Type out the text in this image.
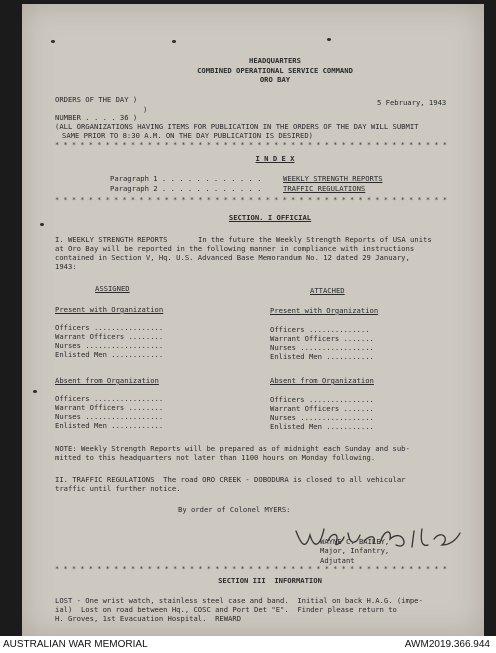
HEADQUARTERS
COMBINED OPERATIONAL SERVICE COMMAND
ORO BAY
ORDERS OF THE DAY )	5 February, 1943
)
NUMBER . . . . 36 )
(ALL ORGANIZATIONS HAVING ITEMS FOR PUBLICATION IN THE ORDERS OF THE DAY WILL SUBMIT
SAME PRIOR TO 8:30 A.M. ON THE DAY PUBLICATION IS DESIRED)
* * * * * * * * * * * * * * * * * * * * * * * * * * * * * * * * * * * * * * * * * * * * * * *
I N D E X
Paragraph 1 . . . . . . . . . . . .	WEEKLY STRENGTH REPORTS
Paragraph 2 . . . . . . . . . . . .	TRAFFIC REGULATIONS
* * * * * * * * * * * * * * * * * * * * * * * * * * * * * * * * * * * * * * * * * * * * * * *
SECTION. I OFFICIAL
I. WEEKLY STRENGTH REPORTS	In the future the Weekly Strength Reports of USA units
at Oro Bay will be reported in the following manner in compliance with instructions
contained in Section V, Hq. U.S. Advanced Base Memorandum No. 12 dated 29 January,
1943:
ASSIGNED
Present with Organization
Officers ................
Warrant Officers ........
Nurses ..................
Enlisted Men ............
Absent from Organization
Officers ................
Warrant Officers ........
Nurses ..................
Enlisted Men ............
ATTACHED
Present with Organization
Officers ..............
Warrant Officers .......
Nurses .................
Enlisted Men ...........
Absent from Organization
Officers ...............
Warrant Officers .......
Nurses .................
Enlisted Men ...........
NOTE: Weekly Strength Reports will be prepared as of midnight each Sunday and sub-
mitted to this headquarters not later than 1100 hours on Monday following.
II. TRAFFIC REGULATIONS  The road ORO CREEK - DOBODURA is closed to all vehicular
traffic until further notice.
By order of Colonel MYERS:
WAYNE C. BAILEY,
Major, Infantry,
Adjutant
* * * * * * * * * * * * * * * * * * * * * * * * * * * * * * * * * * * * * * * * * * * * * * *
SECTION III  INFORMATION
LOST - One wrist watch, stainless steel case and band.  Initial on back H.A.G. (impe-
ial)  Lost on road between Hq., COSC and Port Det "E".  Finder please return to
H. Groves, 1st Evacuation Hospital.  REWARD
AUSTRALIAN WAR MEMORIAL	AWM2019.366.944
